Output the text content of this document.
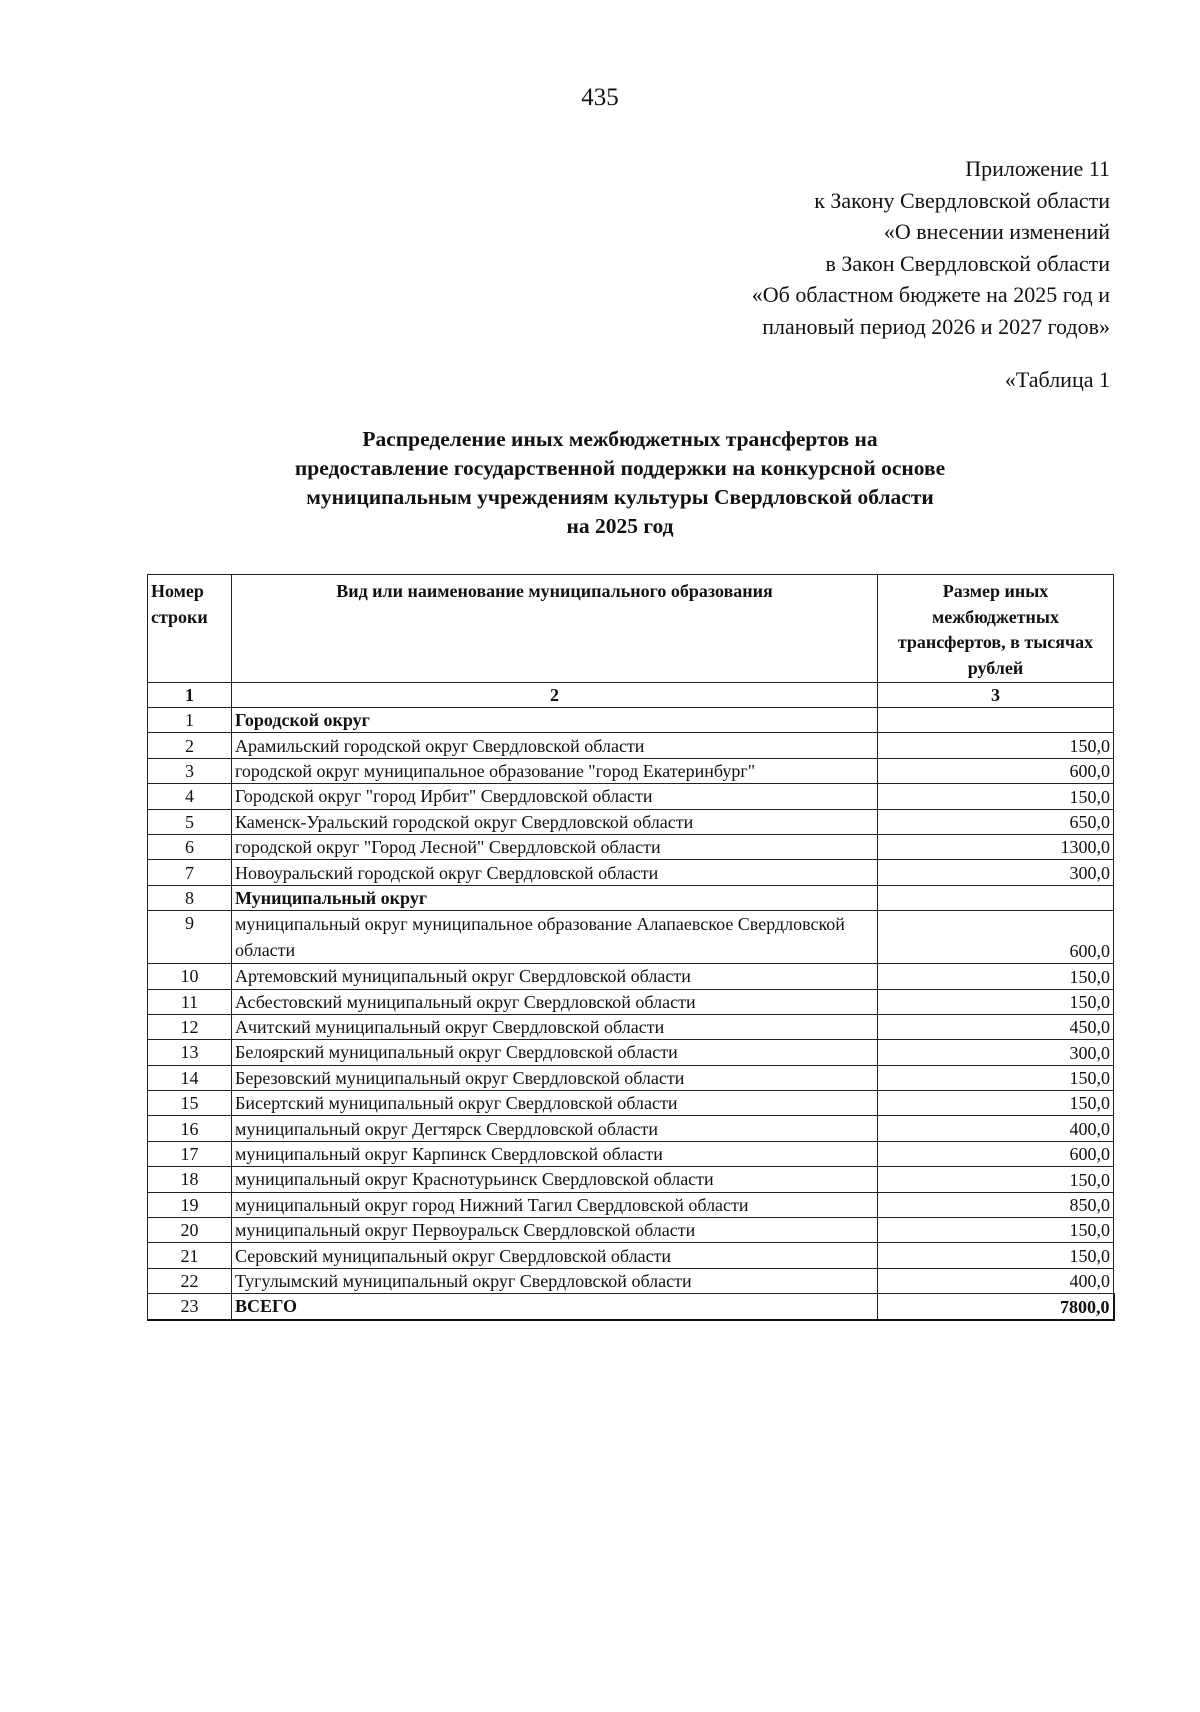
435
Приложение 11
к Закону Свердловской области
«О внесении изменений
в Закон Свердловской области
«Об областном бюджете на 2025 год и
плановый период 2026 и 2027 годов»
«Таблица 1
Распределение иных межбюджетных трансфертов на
предоставление государственной поддержки на конкурсной основе
муниципальным учреждениям культуры Свердловской области
на 2025 год
Номер строки	Вид или наименование муниципального образования	Размер иных межбюджетных трансфертов, в тысячах рублей
1	2	3
1	Городской округ	
2	Арамильский городской округ Свердловской области	150,0
3	городской округ муниципальное образование "город Екатеринбург"	600,0
4	Городской округ "город Ирбит" Свердловской области	150,0
5	Каменск-Уральский городской округ Свердловской области	650,0
6	городской округ "Город Лесной" Свердловской области	1300,0
7	Новоуральский городской округ Свердловской области	300,0
8	Муниципальный округ	
9	муниципальный округ муниципальное образование Алапаевское Свердловской области	600,0
10	Артемовский муниципальный округ Свердловской области	150,0
11	Асбестовский муниципальный округ Свердловской области	150,0
12	Ачитский муниципальный округ Свердловской области	450,0
13	Белоярский муниципальный округ Свердловской области	300,0
14	Березовский муниципальный округ Свердловской области	150,0
15	Бисертский муниципальный округ Свердловской области	150,0
16	муниципальный округ Дегтярск Свердловской области	400,0
17	муниципальный округ Карпинск Свердловской области	600,0
18	муниципальный округ Краснотурьинск Свердловской области	150,0
19	муниципальный округ город Нижний Тагил Свердловской области	850,0
20	муниципальный округ Первоуральск Свердловской области	150,0
21	Серовский муниципальный округ Свердловской области	150,0
22	Тугулымский муниципальный округ Свердловской области	400,0
23	ВСЕГО	7800,0
